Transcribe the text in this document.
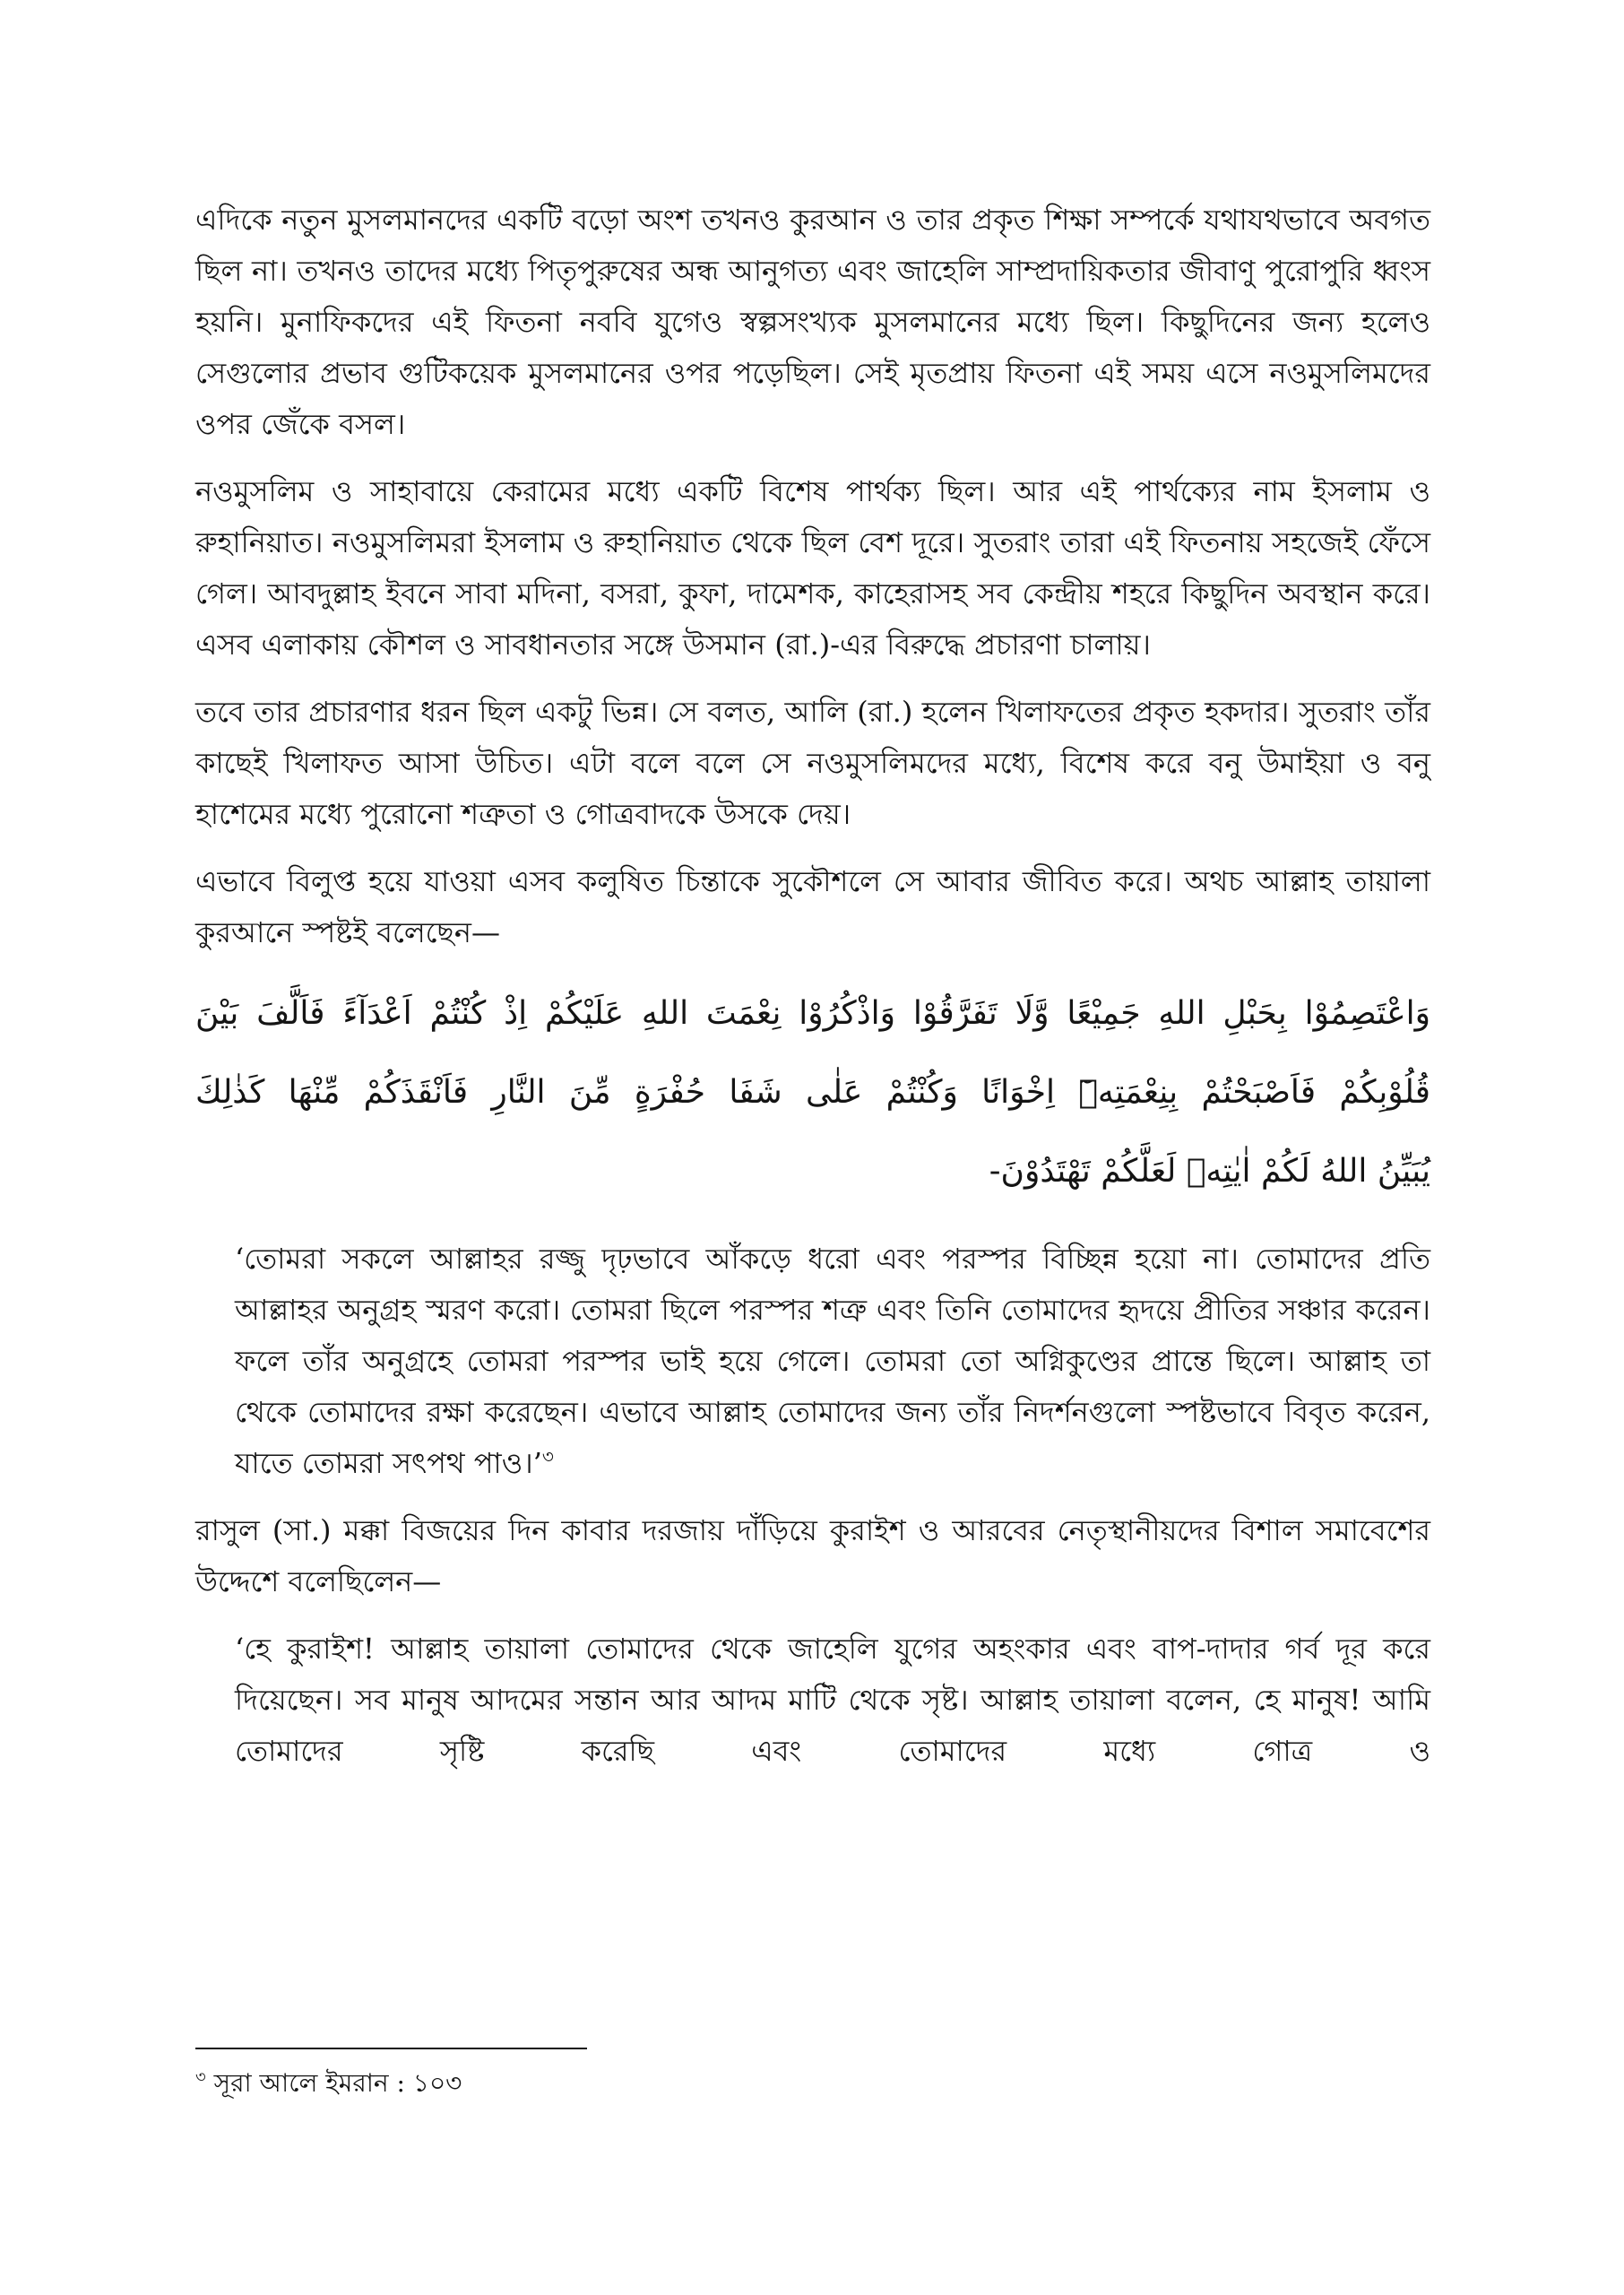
এদিকে নতুন মুসলমানদের একটি বড়ো অংশ তখনও কুরআন ও তার প্রকৃত শিক্ষা সম্পর্কে যথাযথভাবে অবগত ছিল না। তখনও তাদের মধ্যে পিতৃপুরুষের অন্ধ আনুগত্য এবং জাহেলি সাম্প্রদায়িকতার জীবাণু পুরোপুরি ধ্বংস হয়নি। মুনাফিকদের এই ফিতনা নববি যুগেও স্বল্পসংখ্যক মুসলমানের মধ্যে ছিল। কিছুদিনের জন্য হলেও সেগুলোর প্রভাব গুটিকয়েক মুসলমানের ওপর পড়েছিল। সেই মৃতপ্রায় ফিতনা এই সময় এসে নওমুসলিমদের ওপর জেঁকে বসল।

নওমুসলিম ও সাহাবায়ে কেরামের মধ্যে একটি বিশেষ পার্থক্য ছিল। আর এই পার্থক্যের নাম ইসলাম ও রুহানিয়াত। নওমুসলিমরা ইসলাম ও রুহানিয়াত থেকে ছিল বেশ দূরে। সুতরাং তারা এই ফিতনায় সহজেই ফেঁসে গেল। আবদুল্লাহ ইবনে সাবা মদিনা, বসরা, কুফা, দামেশক, কাহেরাসহ সব কেন্দ্রীয় শহরে কিছুদিন অবস্থান করে। এসব এলাকায় কৌশল ও সাবধানতার সঙ্গে উসমান (রা.)-এর বিরুদ্ধে প্রচারণা চালায়।

তবে তার প্রচারণার ধরন ছিল একটু ভিন্ন। সে বলত, আলি (রা.) হলেন খিলাফতের প্রকৃত হকদার। সুতরাং তাঁর কাছেই খিলাফত আসা উচিত। এটা বলে বলে সে নওমুসলিমদের মধ্যে, বিশেষ করে বনু উমাইয়া ও বনু হাশেমের মধ্যে পুরোনো শত্রুতা ও গোত্রবাদকে উসকে দেয়।

এভাবে বিলুপ্ত হয়ে যাওয়া এসব কলুষিত চিন্তাকে সুকৌশলে সে আবার জীবিত করে। অথচ আল্লাহ তায়ালা কুরআনে স্পষ্টই বলেছেন—

وَاعْتَصِمُوْا بِحَبْلِ اللهِ جَمِيْعًا وَّلَا تَفَرَّقُوْا وَاذْكُرُوْا نِعْمَتَ اللهِ عَلَيْكُمْ اِذْ كُنْتُمْ اَعْدَآءً فَاَلَّفَ بَيْنَ
قُلُوْبِكُمْ فَاَصْبَحْتُمْ بِنِعْمَتِهٖٓ اِخْوَانًا وَكُنْتُمْ عَلٰى شَفَا حُفْرَةٍ مِّنَ النَّارِ فَاَنْقَذَكُمْ مِّنْهَا كَذٰلِكَ
يُبَيِّنُ اللهُ لَكُمْ اٰيٰتِهٖ لَعَلَّكُمْ تَهْتَدُوْنَ-

‘তোমরা সকলে আল্লাহর রজ্জু দৃঢ়ভাবে আঁকড়ে ধরো এবং পরস্পর বিচ্ছিন্ন হয়ো না। তোমাদের প্রতি আল্লাহর অনুগ্রহ স্মরণ করো। তোমরা ছিলে পরস্পর শত্রু এবং তিনি তোমাদের হৃদয়ে প্রীতির সঞ্চার করেন। ফলে তাঁর অনুগ্রহে তোমরা পরস্পর ভাই হয়ে গেলে। তোমরা তো অগ্নিকুণ্ডের প্রান্তে ছিলে। আল্লাহ তা থেকে তোমাদের রক্ষা করেছেন। এভাবে আল্লাহ তোমাদের জন্য তাঁর নিদর্শনগুলো স্পষ্টভাবে বিবৃত করেন, যাতে তোমরা সৎপথ পাও।’$^৩$

রাসুল (সা.) মক্কা বিজয়ের দিন কাবার দরজায় দাঁড়িয়ে কুরাইশ ও আরবের নেতৃস্থানীয়দের বিশাল সমাবেশের উদ্দেশে বলেছিলেন—

‘হে কুরাইশ! আল্লাহ তায়ালা তোমাদের থেকে জাহেলি যুগের অহংকার এবং বাপ-দাদার গর্ব দূর করে দিয়েছেন। সব মানুষ আদমের সন্তান আর আদম মাটি থেকে সৃষ্ট। আল্লাহ তায়ালা বলেন, হে মানুষ! আমি তোমাদের সৃষ্টি করেছি এবং তোমাদের মধ্যে গোত্র ও

$^৩$ সূরা আলে ইমরান : ১০৩
